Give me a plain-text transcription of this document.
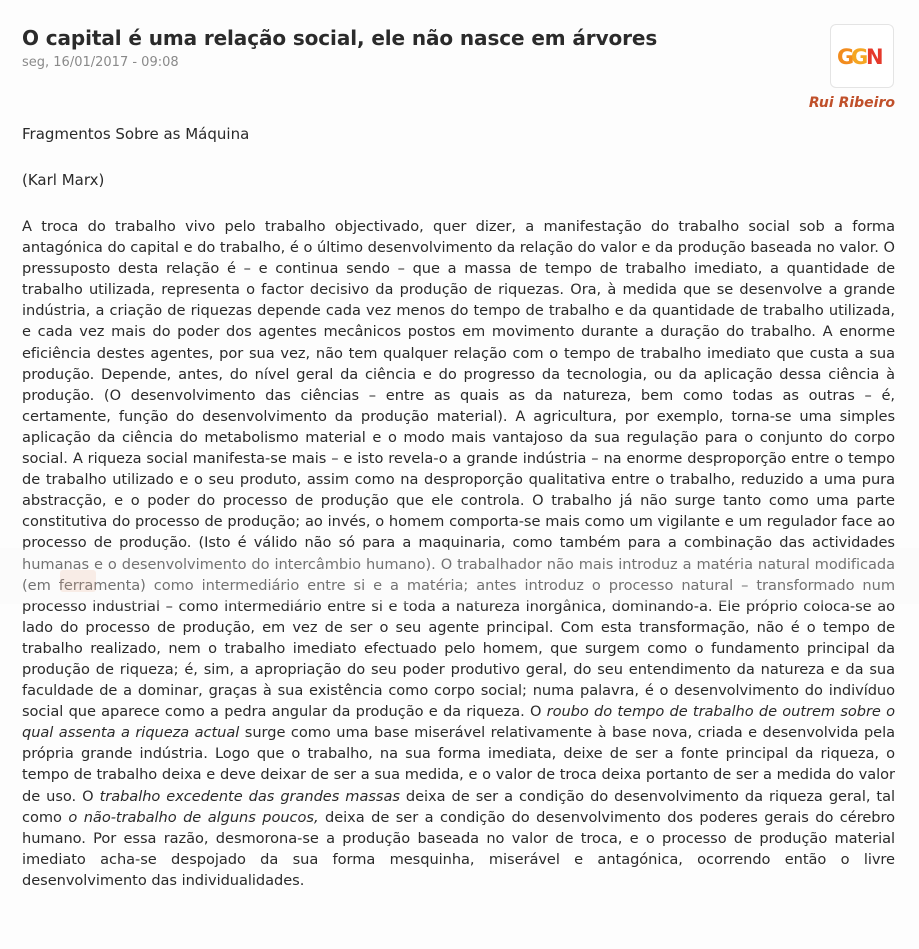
O capital é uma relação social, ele não nasce em árvores
seg, 16/01/2017 - 09:08	G G N
Rui Ribeiro

Fragmentos Sobre as Máquina

(Karl Marx)

A troca do trabalho vivo pelo trabalho objectivado, quer dizer, a manifestação do trabalho social sob a forma antagónica do capital e do trabalho, é o último desenvolvimento da relação do valor e da produção baseada no valor. O pressuposto desta relação é – e continua sendo – que a massa de tempo de trabalho imediato, a quantidade de trabalho utilizada, representa o factor decisivo da produção de riquezas. Ora, à medida que se desenvolve a grande indústria, a criação de riquezas depende cada vez menos do tempo de trabalho e da quantidade de trabalho utilizada, e cada vez mais do poder dos agentes mecânicos postos em movimento durante a duração do trabalho. A enorme eficiência destes agentes, por sua vez, não tem qualquer relação com o tempo de trabalho imediato que custa a sua produção. Depende, antes, do nível geral da ciência e do progresso da tecnologia, ou da aplicação dessa ciência à produção. (O desenvolvimento das ciências – entre as quais as da natureza, bem como todas as outras – é, certamente, função do desenvolvimento da produção material). A agricultura, por exemplo, torna-se uma simples aplicação da ciência do metabolismo material e o modo mais vantajoso da sua regulação para o conjunto do corpo social. A riqueza social manifesta-se mais – e isto revela-o a grande indústria – na enorme desproporção entre o tempo de trabalho utilizado e o seu produto, assim como na desproporção qualitativa entre o trabalho, reduzido a uma pura abstracção, e o poder do processo de produção que ele controla. O trabalho já não surge tanto como uma parte constitutiva do processo de produção; ao invés, o homem comporta-se mais como um vigilante e um regulador face ao processo de produção. (Isto é válido não só para a maquinaria, como também para a combinação das actividades humanas e o desenvolvimento do intercâmbio humano). O trabalhador não mais introduz a matéria natural modificada (em ferramenta) como intermediário entre si e a matéria; antes introduz o processo natural – transformado num processo industrial – como intermediário entre si e toda a natureza inorgânica, dominando-a. Ele próprio coloca-se ao lado do processo de produção, em vez de ser o seu agente principal. Com esta transformação, não é o tempo de trabalho realizado, nem o trabalho imediato efectuado pelo homem, que surgem como o fundamento principal da produção de riqueza; é, sim, a apropriação do seu poder produtivo geral, do seu entendimento da natureza e da sua faculdade de a dominar, graças à sua existência como corpo social; numa palavra, é o desenvolvimento do indivíduo social que aparece como a pedra angular da produção e da riqueza. O roubo do tempo de trabalho de outrem sobre o qual assenta a riqueza actual surge como uma base miserável relativamente à base nova, criada e desenvolvida pela própria grande indústria. Logo que o trabalho, na sua forma imediata, deixe de ser a fonte principal da riqueza, o tempo de trabalho deixa e deve deixar de ser a sua medida, e o valor de troca deixa portanto de ser a medida do valor de uso. O trabalho excedente das grandes massas deixa de ser a condição do desenvolvimento da riqueza geral, tal como o não-trabalho de alguns poucos, deixa de ser a condição do desenvolvimento dos poderes gerais do cérebro humano. Por essa razão, desmorona-se a produção baseada no valor de troca, e o processo de produção material imediato acha-se despojado da sua forma mesquinha, miserável e antagónica, ocorrendo então o livre desenvolvimento das individualidades.
